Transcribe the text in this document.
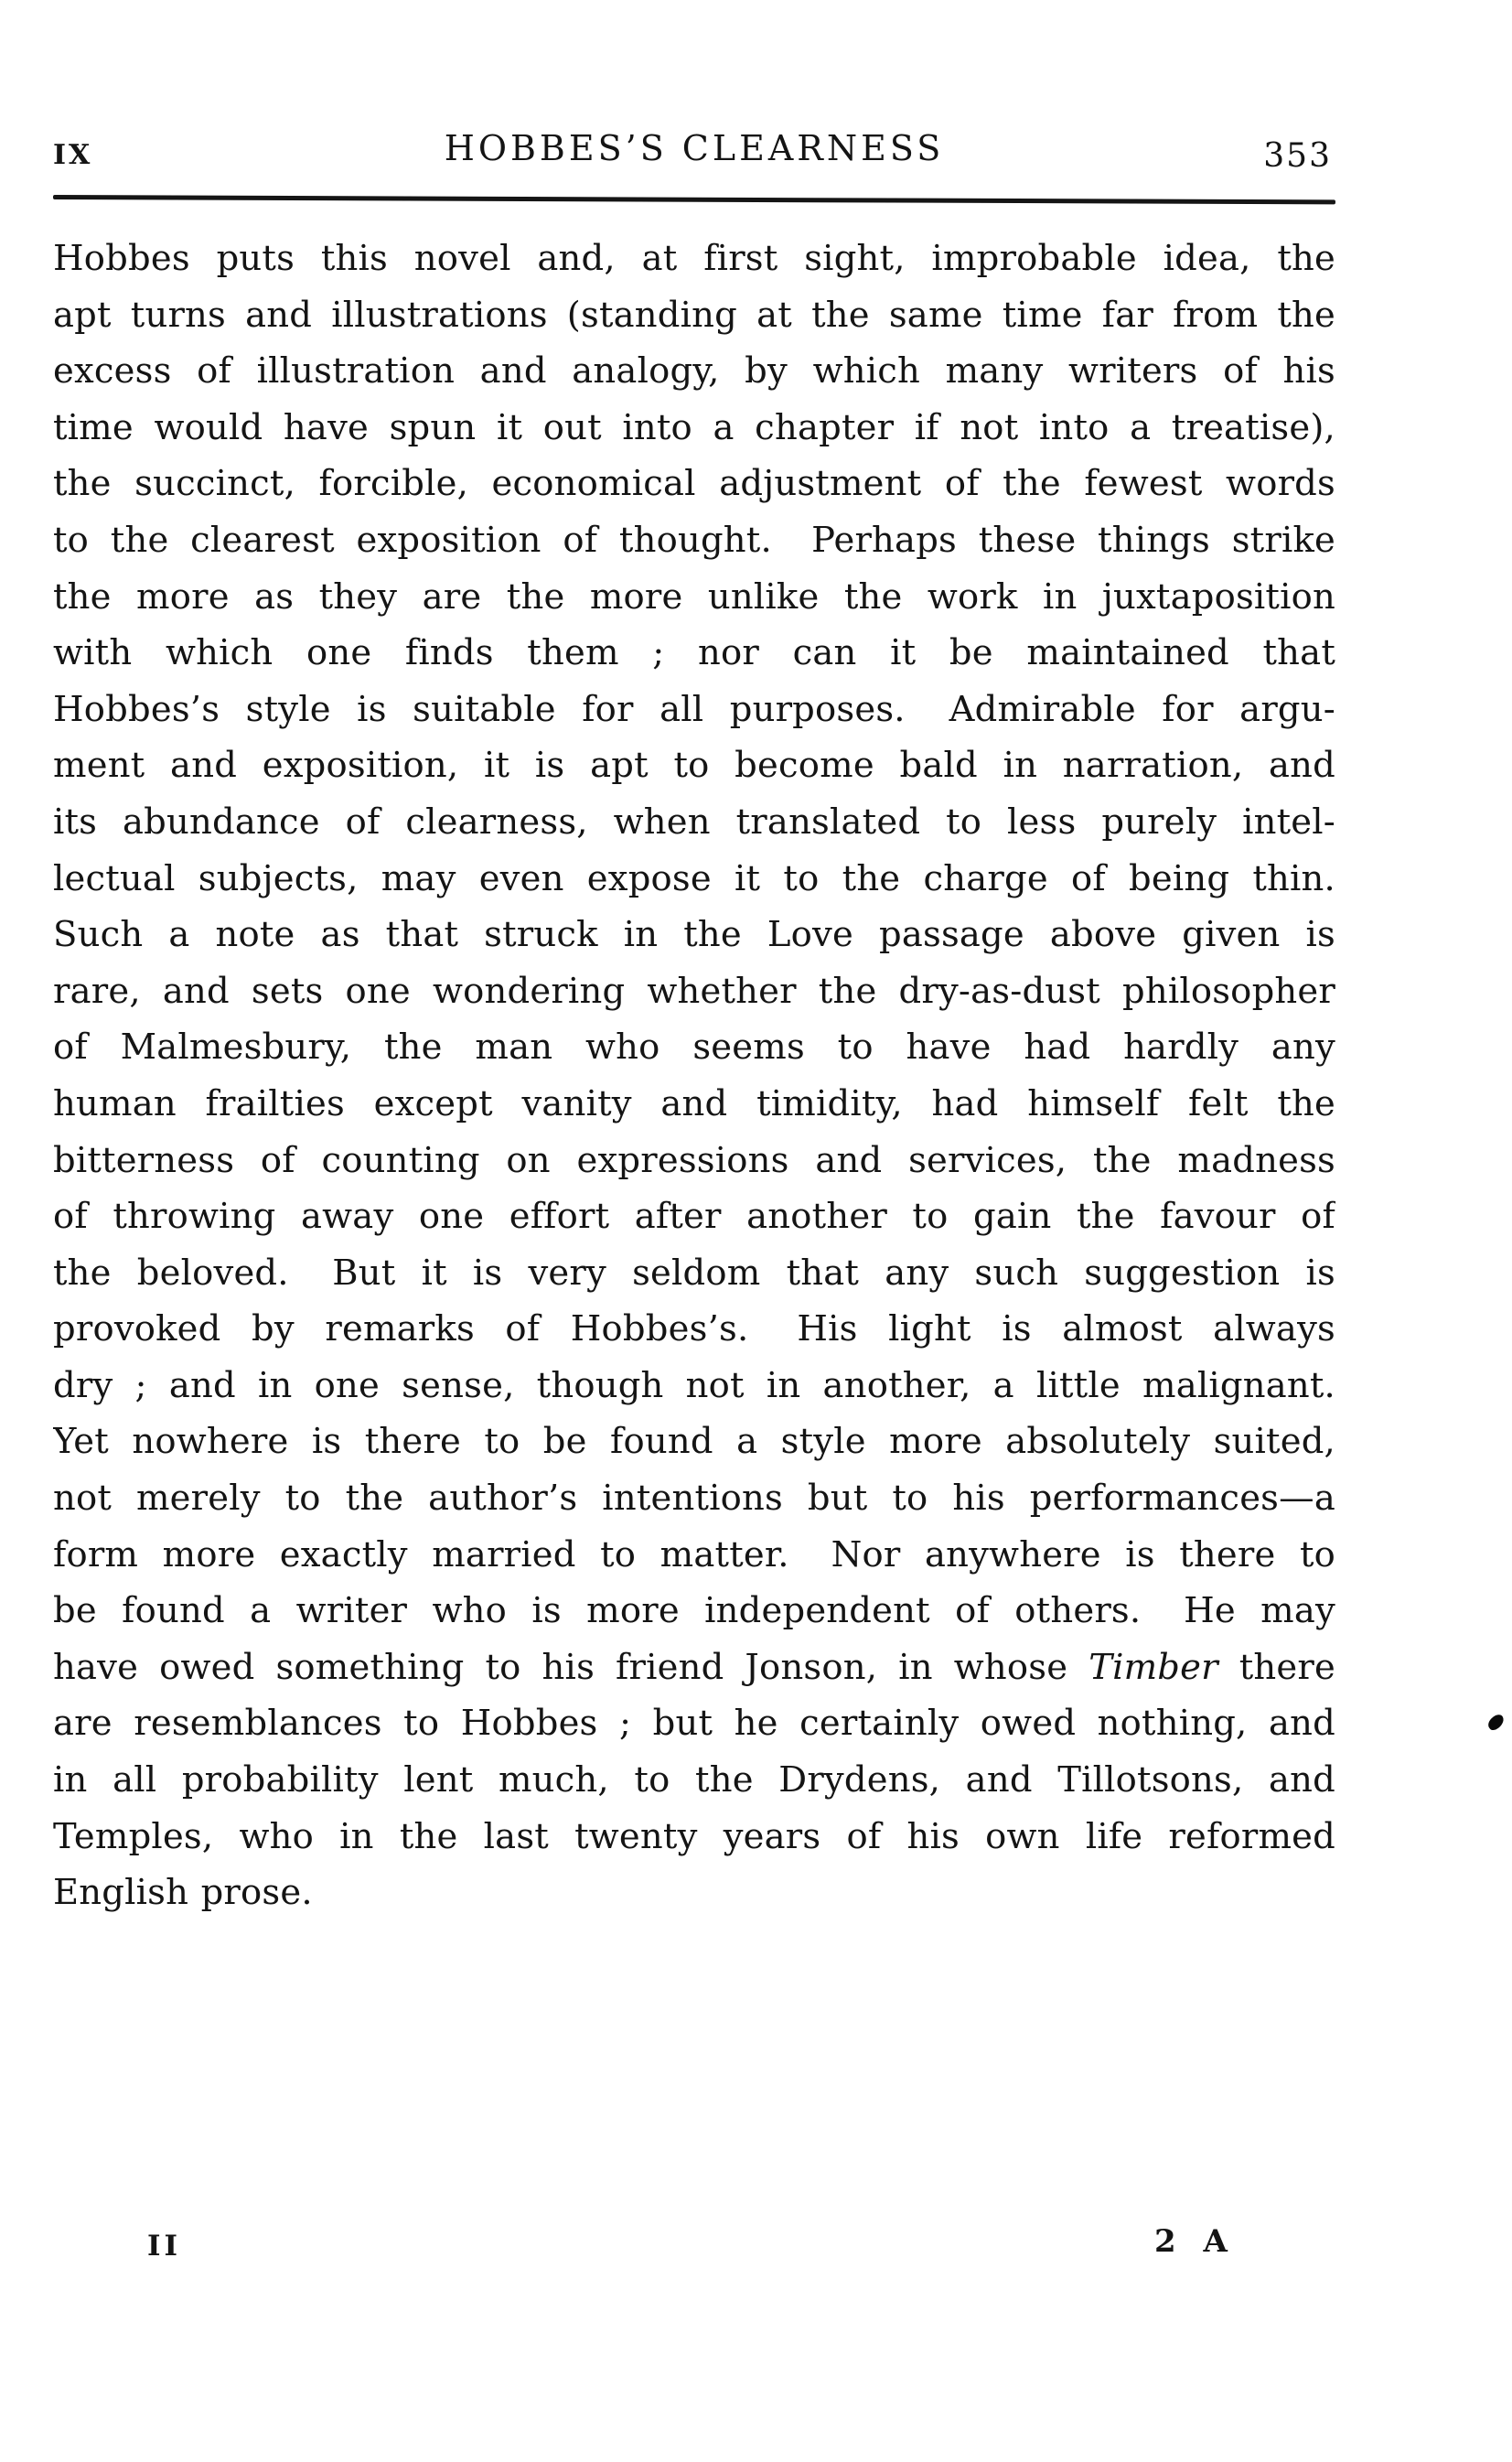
IX	HOBBES’S CLEARNESS	353
Hobbes puts this novel and, at first sight, improbable idea, the
apt turns and illustrations (standing at the same time far from the
excess of illustration and analogy, by which many writers of his
time would have spun it out into a chapter if not into a treatise),
the succinct, forcible, economical adjustment of the fewest words
to the clearest exposition of thought.  Perhaps these things strike
the more as they are the more unlike the work in juxtaposition
with which one finds them ; nor can it be maintained that
Hobbes’s style is suitable for all purposes.  Admirable for argu-
ment and exposition, it is apt to become bald in narration, and
its abundance of clearness, when translated to less purely intel-
lectual subjects, may even expose it to the charge of being thin.
Such a note as that struck in the Love passage above given is
rare, and sets one wondering whether the dry-as-dust philosopher
of Malmesbury, the man who seems to have had hardly any
human frailties except vanity and timidity, had himself felt the
bitterness of counting on expressions and services, the madness
of throwing away one effort after another to gain the favour of
the beloved.  But it is very seldom that any such suggestion is
provoked by remarks of Hobbes’s.  His light is almost always
dry ; and in one sense, though not in another, a little malignant.
Yet nowhere is there to be found a style more absolutely suited,
not merely to the author’s intentions but to his performances—a
form more exactly married to matter.  Nor anywhere is there to
be found a writer who is more independent of others.  He may
have owed something to his friend Jonson, in whose Timber there
are resemblances to Hobbes ; but he certainly owed nothing, and
in all probability lent much, to the Drydens, and Tillotsons, and
Temples, who in the last twenty years of his own life reformed
English prose.
II	2 A
